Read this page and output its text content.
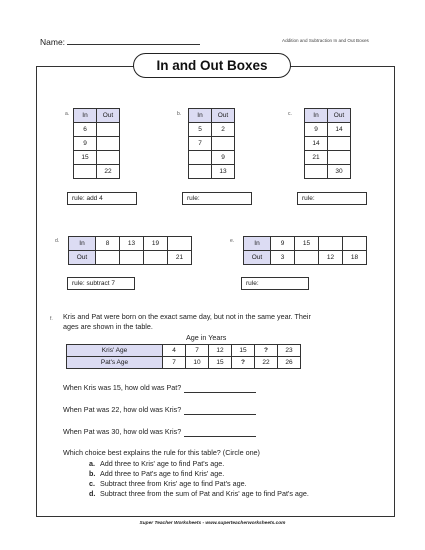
Name:	Addition and Subtraction In and Out Boxes
In and Out Boxes
a. In	Out
6	
9	
15	
	22
rule: add 4
b. In	Out
5	2
7	
	9
	13
rule:
c.	In	Out
9	14
14	
21	
	30
rule:
d.	In	8	13	19	
Out				21
rule: subtract 7
e.	In	9	15		
Out	3		12	18
rule:
f. Kris and Pat were born on the exact same day, but not in the same year. Their
ages are shown in the table.
Age in Years
Kris' Age	4	7	12	15	?	23
Pat's Age	7	10	15	?	22	26
When Kris was 15, how old was Pat?
When Pat was 22, how old was Kris?
When Pat was 30, how old was Kris?
Which choice best explains the rule for this table? (Circle one)
a. Add three to Kris' age to find Pat's age.
b. Add three to Pat's age to find Kris' age.
c. Subtract three from Kris' age to find Pat's age.
d. Subtract three from the sum of Pat and Kris' age to find Pat's age.
Super Teacher Worksheets - www.superteacherworksheets.com
